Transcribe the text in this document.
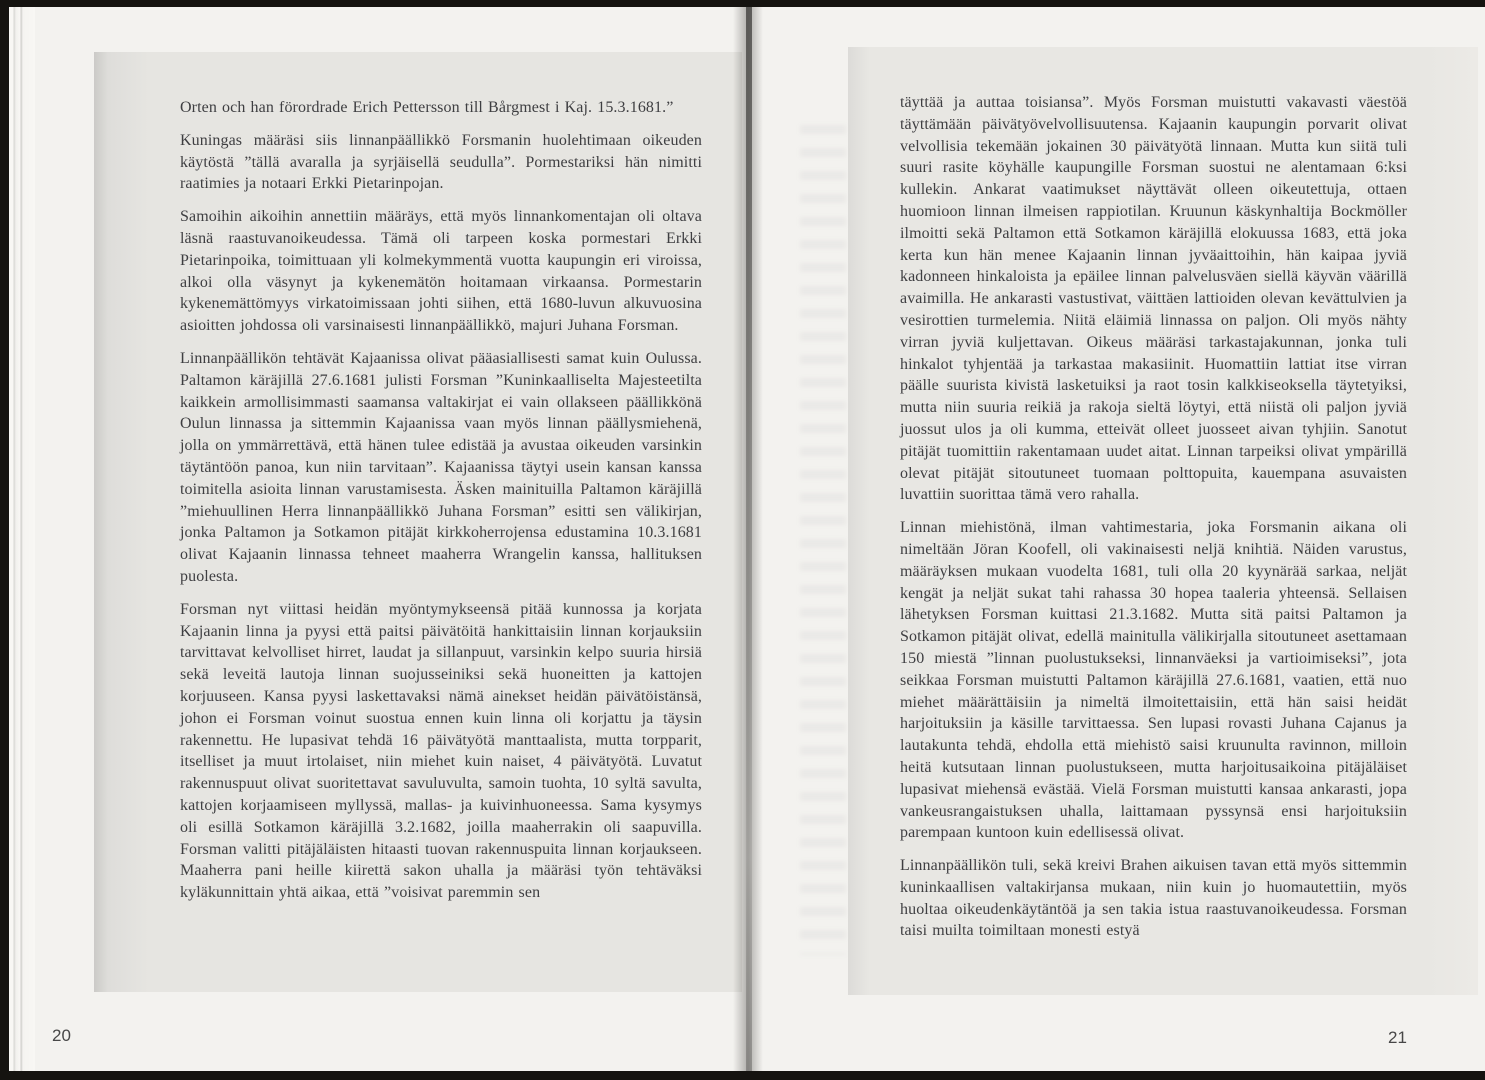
Orten och han förordrade Erich Pettersson till Bårgmest i Kaj. 15.3.1681.”

Kuningas määräsi siis linnanpäällikkö Forsmanin huolehtimaan oikeuden käytöstä ”tällä avaralla ja syrjäisellä seudulla”. Pormestariksi hän nimitti raatimies ja notaari Erkki Pietarinpojan.

Samoihin aikoihin annettiin määräys, että myös linnankomentajan oli oltava läsnä raastuvanoikeudessa. Tämä oli tarpeen koska pormestari Erkki Pietarinpoika, toimittuaan yli kolmekymmentä vuotta kaupungin eri viroissa, alkoi olla väsynyt ja kykenemätön hoitamaan virkaansa. Pormestarin kykenemättömyys virkatoimissaan johti siihen, että 1680-luvun alkuvuosina asioitten johdossa oli varsinaisesti linnanpäällikkö, majuri Juhana Forsman.

Linnanpäällikön tehtävät Kajaanissa olivat pääasiallisesti samat kuin Oulussa. Paltamon käräjillä 27.6.1681 julisti Forsman ”Kuninkaalliselta Majesteetilta kaikkein armollisimmasti saamansa valtakirjat ei vain ollakseen päällikkönä Oulun linnassa ja sittemmin Kajaanissa vaan myös linnan päällysmiehenä, jolla on ymmärrettävä, että hänen tulee edistää ja avustaa oikeuden varsinkin täytäntöön panoa, kun niin tarvitaan”. Kajaanissa täytyi usein kansan kanssa toimitella asioita linnan varustamisesta. Äsken mainituilla Paltamon käräjillä ”miehuullinen Herra linnanpäällikkö Juhana Forsman” esitti sen välikirjan, jonka Paltamon ja Sotkamon pitäjät kirkkoherrojensa edustamina 10.3.1681 olivat Kajaanin linnassa tehneet maaherra Wrangelin kanssa, hallituksen puolesta.

Forsman nyt viittasi heidän myöntymykseensä pitää kunnossa ja korjata Kajaanin linna ja pyysi että paitsi päivätöitä hankittaisiin linnan korjauksiin tarvittavat kelvolliset hirret, laudat ja sillanpuut, varsinkin kelpo suuria hirsiä sekä leveitä lautoja linnan suojusseiniksi sekä huoneitten ja kattojen korjuuseen. Kansa pyysi laskettavaksi nämä ainekset heidän päivätöistänsä, johon ei Forsman voinut suostua ennen kuin linna oli korjattu ja täysin rakennettu. He lupasivat tehdä 16 päivätyötä manttaalista, mutta torpparit, itselliset ja muut irtolaiset, niin miehet kuin naiset, 4 päivätyötä. Luvatut rakennuspuut olivat suoritettavat savuluvulta, samoin tuohta, 10 syltä savulta, kattojen korjaamiseen myllyssä, mallas- ja kuivinhuoneessa. Sama kysymys oli esillä Sotkamon käräjillä 3.2.1682, joilla maaherrakin oli saapuvilla. Forsman valitti pitäjäläisten hitaasti tuovan rakennuspuita linnan korjaukseen. Maaherra pani heille kiirettä sakon uhalla ja määräsi työn tehtäväksi kyläkunnittain yhtä aikaa, että ”voisivat paremmin sen

täyttää ja auttaa toisiansa”. Myös Forsman muistutti vakavasti väestöä täyttämään päivätyövelvollisuutensa. Kajaanin kaupungin porvarit olivat velvollisia tekemään jokainen 30 päivätyötä linnaan. Mutta kun siitä tuli suuri rasite köyhälle kaupungille Forsman suostui ne alentamaan 6:ksi kullekin. Ankarat vaatimukset näyttävät olleen oikeutettuja, ottaen huomioon linnan ilmeisen rappiotilan. Kruunun käskynhaltija Bockmöller ilmoitti sekä Paltamon että Sotkamon käräjillä elokuussa 1683, että joka kerta kun hän menee Kajaanin linnan jyväaittoihin, hän kaipaa jyviä kadonneen hinkaloista ja epäilee linnan palvelusväen siellä käyvän väärillä avaimilla. He ankarasti vastustivat, väittäen lattioiden olevan kevättulvien ja vesirottien turmelemia. Niitä eläimiä linnassa on paljon. Oli myös nähty virran jyviä kuljettavan. Oikeus määräsi tarkastajakunnan, jonka tuli hinkalot tyhjentää ja tarkastaa makasiinit. Huomattiin lattiat itse virran päälle suurista kivistä lasketuiksi ja raot tosin kalkkiseoksella täytetyiksi, mutta niin suuria reikiä ja rakoja sieltä löytyi, että niistä oli paljon jyviä juossut ulos ja oli kumma, etteivät olleet juosseet aivan tyhjiin. Sanotut pitäjät tuomittiin rakentamaan uudet aitat. Linnan tarpeiksi olivat ympärillä olevat pitäjät sitoutuneet tuomaan polttopuita, kauempana asuvaisten luvattiin suorittaa tämä vero rahalla.

Linnan miehistönä, ilman vahtimestaria, joka Forsmanin aikana oli nimeltään Jöran Koofell, oli vakinaisesti neljä knihtiä. Näiden varustus, määräyksen mukaan vuodelta 1681, tuli olla 20 kyynärää sarkaa, neljät kengät ja neljät sukat tahi rahassa 30 hopea taaleria yhteensä. Sellaisen lähetyksen Forsman kuittasi 21.3.1682. Mutta sitä paitsi Paltamon ja Sotkamon pitäjät olivat, edellä mainitulla välikirjalla sitoutuneet asettamaan 150 miestä ”linnan puolustukseksi, linnanväeksi ja vartioimiseksi”, jota seikkaa Forsman muistutti Paltamon käräjillä 27.6.1681, vaatien, että nuo miehet määrättäisiin ja nimeltä ilmoitettaisiin, että hän saisi heidät harjoituksiin ja käsille tarvittaessa. Sen lupasi rovasti Juhana Cajanus ja lautakunta tehdä, ehdolla että miehistö saisi kruunulta ravinnon, milloin heitä kutsutaan linnan puolustukseen, mutta harjoitusaikoina pitäjäläiset lupasivat miehensä evästää. Vielä Forsman muistutti kansaa ankarasti, jopa vankeusrangaistuksen uhalla, laittamaan pyssynsä ensi harjoituksiin parempaan kuntoon kuin edellisessä olivat.

Linnanpäällikön tuli, sekä kreivi Brahen aikuisen tavan että myös sittemmin kuninkaallisen valtakirjansa mukaan, niin kuin jo huomautettiin, myös huoltaa oikeudenkäytäntöä ja sen takia istua raastuvanoikeudessa. Forsman taisi muilta toimiltaan monesti estyä

20	21
